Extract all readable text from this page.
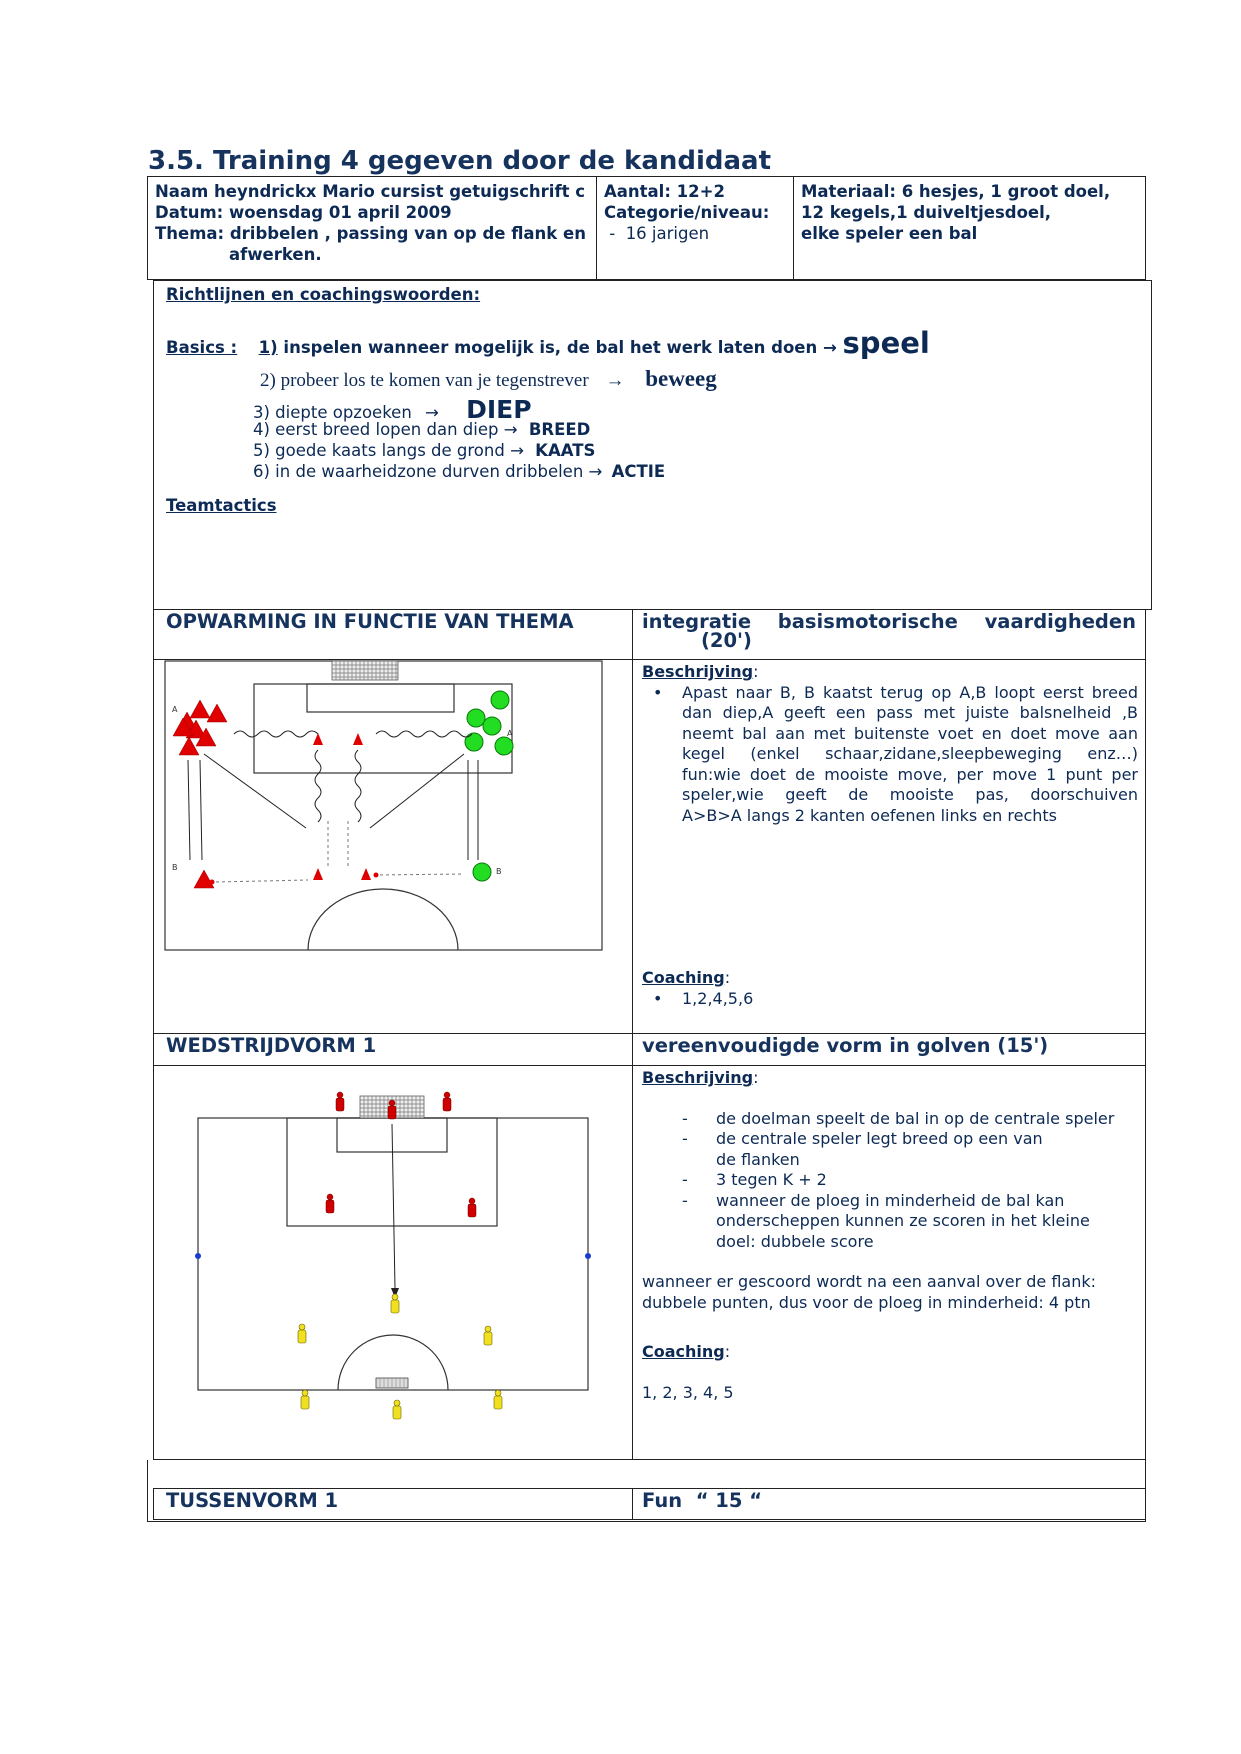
3.5. Training 4 gegeven door de kandidaat
Naam heyndrickx Mario cursist getuigschrift c
Datum: woensdag 01 april 2009
Thema: dribbelen , passing van op de flank en
afwerken.
Aantal: 12+2
Categorie/niveau:
-  16 jarigen
Materiaal: 6 hesjes, 1 groot doel,
12 kegels,1 duiveltjesdoel,
elke speler een bal
Richtlijnen en coachingswoorden:
Basics : 1) inspelen wanneer mogelijk is, de bal het werk laten doen → speel
2) probeer los te komen van je tegenstrever → beweeg
3) diepte opzoeken → DIEP
4) eerst breed lopen dan diep → BREED
5) goede kaats langs de grond → KAATS
6) in de waarheidzone durven dribbelen → ACTIE
Teamtactics
OPWARMING IN FUNCTIE VAN THEMA	integratie basismotorische vaardigheden
(20')
A
B
A
B
Beschrijving:
• Apast naar B, B kaatst terug op A,B loopt eerst breed
dan diep,A geeft een pass met juiste balsnelheid ,B
neemt bal aan met buitenste voet en doet move aan
kegel (enkel schaar,zidane,sleepbeweging enz…)
fun:wie doet de mooiste move, per move 1 punt per
speler,wie geeft de mooiste pas, doorschuiven
A>B>A langs 2 kanten oefenen links en rechts
Coaching:
• 1,2,4,5,6
WEDSTRIJDVORM 1	vereenvoudigde vorm in golven (15')
Beschrijving:
- de doelman speelt de bal in op de centrale speler
- de centrale speler legt breed op een van de flanken
- 3 tegen K + 2
- wanneer de ploeg in minderheid de bal kan onderscheppen kunnen ze scoren in het kleine doel: dubbele score
wanneer er gescoord wordt na een aanval over de flank:
dubbele punten, dus voor de ploeg in minderheid: 4 ptn
Coaching:
1, 2, 3, 4, 5
TUSSENVORM 1	Fun  “ 15 “
